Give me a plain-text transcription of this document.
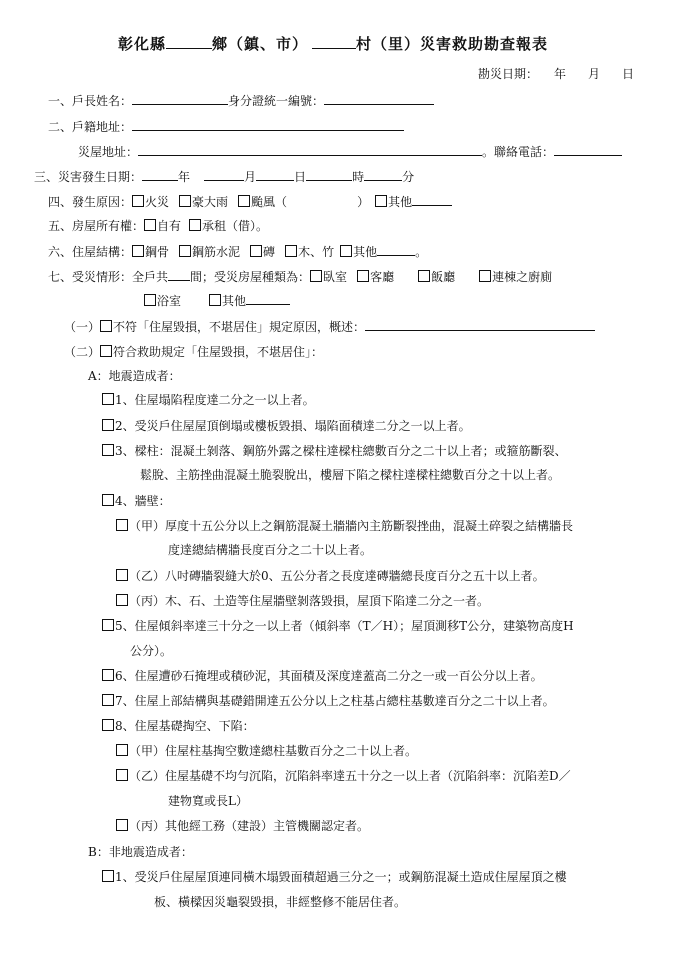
彰化縣	鄉（鎮、市）	村（里）災害救助勘查報表
勘災日期： 年 月 日
一、戶長姓名：	身分證統一編號：
二、戶籍地址：
災屋地址：	。聯絡電話：
三、災害發生日期：	年	月	日	時	分
四、發生原因： 火災 豪大雨 颱風（	） 其他
五、房屋所有權： 自有 承租（借）。
六、住屋結構： 鋼骨 鋼筋水泥 磚 木、竹 其他	。
七、受災情形：全戶共 間；受災房屋種類為： 臥室 客廳	飯廳	連棟之廚廁
浴室	其他
（一） 不符「住屋毀損，不堪居住」規定原因，概述：
（二） 符合救助規定「住屋毀損，不堪居住」：
A：地震造成者：
1、住屋塌陷程度達二分之一以上者。
2、受災戶住屋屋頂倒塌或樓板毀損、塌陷面積達二分之一以上者。
3、樑柱：混凝土剝落、鋼筋外露之樑柱達樑柱總數百分之二十以上者；或箍筋斷裂、
鬆脫、主筋挫曲混凝土脆裂脫出，樓層下陷之樑柱達樑柱總數百分之十以上者。
4、牆壁：
（甲）厚度十五公分以上之鋼筋混凝土牆牆內主筋斷裂挫曲，混凝土碎裂之結構牆長
度達總結構牆長度百分之二十以上者。
（乙）八吋磚牆裂縫大於0、五公分者之長度達磚牆總長度百分之五十以上者。
（丙）木、石、土造等住屋牆壁剝落毀損，屋頂下陷達二分之一者。
5、住屋傾斜率達三十分之一以上者（傾斜率（T／H）；屋頂測移T公分，建築物高度H
公分）。
6、住屋遭砂石掩埋或積砂泥，其面積及深度達蓋高二分之一或一百公分以上者。
7、住屋上部結構與基礎錯開達五公分以上之柱基占總柱基數達百分之二十以上者。
8、住屋基礎掏空、下陷：
（甲）住屋柱基掏空數達總柱基數百分之二十以上者。
（乙）住屋基礎不均勻沉陷，沉陷斜率達五十分之一以上者（沉陷斜率：沉陷差D／
建物寬或長L）
（丙）其他經工務（建設）主管機關認定者。
B：非地震造成者：
1、受災戶住屋屋頂連同橫木塌毀面積超過三分之一；或鋼筋混凝土造成住屋屋頂之樓
板、橫樑因災龜裂毀損，非經整修不能居住者。
